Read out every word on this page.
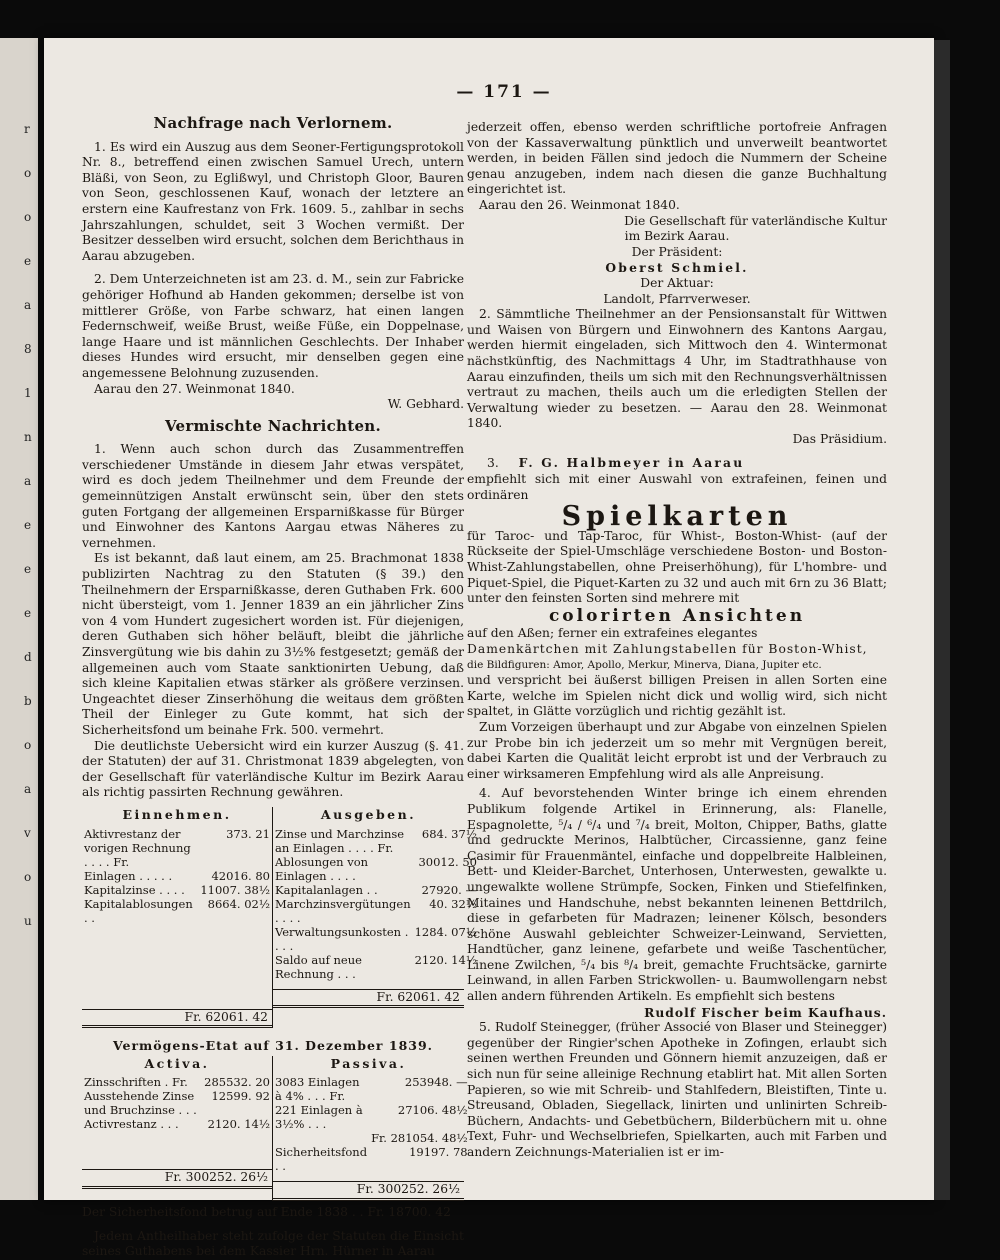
r
o
o
e
a
8
1
n
a
e
e
e
d
b
o
a
v
o
u
— 171 —
Nachfrage nach Verlornem.

1. Es wird ein Auszug aus dem Seoner-Fertigungsprotokoll Nr. 8., betreffend einen zwischen Samuel Urech, untern Bläßi, von Seon, zu Eglißwyl, und Christoph Gloor, Bauren von Seon, geschlossenen Kauf, wonach der letztere an erstern eine Kaufrestanz von Frk. 1609. 5., zahlbar in sechs Jahrszahlungen, schuldet, seit 3 Wochen vermißt. Der Besitzer desselben wird ersucht, solchen dem Berichthaus in Aarau abzugeben.

2. Dem Unterzeichneten ist am 23. d. M., sein zur Fabricke gehöriger Hofhund ab Handen gekommen; derselbe ist von mittlerer Größe, von Farbe schwarz, hat einen langen Federnschweif, weiße Brust, weiße Füße, ein Doppelnase, lange Haare und ist männlichen Geschlechts. Der Inhaber dieses Hundes wird ersucht, mir denselben gegen eine angemessene Belohnung zuzusenden.

Aarau den 27. Weinmonat 1840.

W. Gebhard.

Vermischte Nachrichten.

1. Wenn auch schon durch das Zusammentreffen verschiedener Umstände in diesem Jahr etwas verspätet, wird es doch jedem Theilnehmer und dem Freunde der gemeinnützigen Anstalt erwünscht sein, über den stets guten Fortgang der allgemeinen Ersparnißkasse für Bürger und Einwohner des Kantons Aargau etwas Näheres zu vernehmen.

Es ist bekannt, daß laut einem, am 25. Brachmonat 1838 publizirten Nachtrag zu den Statuten (§ 39.) den Theilnehmern der Ersparnißkasse, deren Guthaben Frk. 600 nicht übersteigt, vom 1. Jenner 1839 an ein jährlicher Zins von 4 vom Hundert zugesichert worden ist. Für diejenigen, deren Guthaben sich höher beläuft, bleibt die jährliche Zinsvergütung wie bis dahin zu 3½% festgesetzt; gemäß der allgemeinen auch vom Staate sanktionirten Uebung, daß sich kleine Kapitalien etwas stärker als größere verzinsen. Ungeachtet dieser Zinserhöhung die weitaus dem größten Theil der Einleger zu Gute kommt, hat sich der Sicherheitsfond um beinahe Frk. 500. vermehrt.

Die deutlichste Uebersicht wird ein kurzer Auszug (§. 41. der Statuten) der auf 31. Christmonat 1839 abgelegten, von der Gesellschaft für vaterländische Kultur im Bezirk Aarau als richtig passirten Rechnung gewähren.

Einnehmen.
Aktivrestanz der vorigen Rechnung . . . . Fr.	373. 21
Einlagen . . . . .	42016. 80
Kapitalzinse . . . .	11007. 38½
Kapitalablosungen . .	8664. 02½
Fr. 62061. 42
Ausgeben.
Zinse und Marchzinse an Einlagen . . . . Fr.	684. 37½
Ablosungen von Einlagen . . . .	30012. 50
Kapitalanlagen . .	27920. —
Marchzinsvergütungen . . . .	40. 32½
Verwaltungsunkosten . . . .	1284. 07½
Saldo auf neue Rechnung . . .	2120. 14½
Fr. 62061. 42
Vermögens-Etat auf 31. Dezember 1839.
Activa.
Zinsschriften . Fr.	285532. 20
Ausstehende Zinse und Bruchzinse . . .	12599. 92
Activrestanz . . .	2120. 14½
Fr. 300252. 26½
Passiva.
3083 Einlagen à 4% . . . Fr.	253948. —
221 Einlagen à 3½% . . .	27106. 48½
	Fr. 281054. 48½
Sicherheitsfond . .	19197. 78
Fr. 300252. 26½

Der Sicherheitsfond betrug auf Ende 1838 . . Fr. 18700. 42

Jedem Antheilhaber steht zufolge der Statuten die Einsicht seines Guthabens bei dem Kassier Hrn. Hürner in Aarau

jederzeit offen, ebenso werden schriftliche portofreie Anfragen von der Kassaverwaltung pünktlich und unverweilt beantwortet werden, in beiden Fällen sind jedoch die Nummern der Scheine genau anzugeben, indem nach diesen die ganze Buchhaltung eingerichtet ist.

Aarau den 26. Weinmonat 1840.

Die Gesellschaft für vaterländische Kultur

im Bezirk Aarau.

Der Präsident:

Oberst Schmiel.

Der Aktuar:

Landolt, Pfarrverweser.

2. Sämmtliche Theilnehmer an der Pensionsanstalt für Wittwen und Waisen von Bürgern und Einwohnern des Kantons Aargau, werden hiermit eingeladen, sich Mittwoch den 4. Wintermonat nächstkünftig, des Nachmittags 4 Uhr, im Stadtrathhause von Aarau einzufinden, theils um sich mit den Rechnungsverhältnissen vertraut zu machen, theils auch um die erledigten Stellen der Verwaltung wieder zu besetzen. — Aarau den 28. Weinmonat 1840.

Das Präsidium.

3. F. G. Halbmeyer in Aarau

empfiehlt sich mit einer Auswahl von extrafeinen, feinen und ordinären

Spielkarten

für Taroc- und Tap-Taroc, für Whist-, Boston-Whist- (auf der Rückseite der Spiel-Umschläge verschiedene Boston- und Boston-Whist-Zahlungstabellen, ohne Preiserhöhung), für L'hombre- und Piquet-Spiel, die Piquet-Karten zu 32 und auch mit 6rn zu 36 Blatt; unter den feinsten Sorten sind mehrere mit

colorirten Ansichten

auf den Aßen; ferner ein extrafeines elegantes

Damenkärtchen mit Zahlungstabellen für Boston-Whist,

die Bildfiguren: Amor, Apollo, Merkur, Minerva, Diana, Jupiter etc.

und verspricht bei äußerst billigen Preisen in allen Sorten eine Karte, welche im Spielen nicht dick und wollig wird, sich nicht spaltet, in Glätte vorzüglich und richtig gezählt ist.

Zum Vorzeigen überhaupt und zur Abgabe von einzelnen Spielen zur Probe bin ich jederzeit um so mehr mit Vergnügen bereit, dabei Karten die Qualität leicht erprobt ist und der Verbrauch zu einer wirksameren Empfehlung wird als alle Anpreisung.

4. Auf bevorstehenden Winter bringe ich einem ehrenden Publikum folgende Artikel in Erinnerung, als: Flanelle, Espagnolette, ⁵/₄ / ⁶/₄ und ⁷/₄ breit, Molton, Chipper, Baths, glatte und gedruckte Merinos, Halbtücher, Circassienne, ganz feine Casimir für Frauenmäntel, einfache und doppelbreite Halbleinen, Bett- und Kleider-Barchet, Unterhosen, Unterwesten, gewalkte u. ungewalkte wollene Strümpfe, Socken, Finken und Stiefelfinken, Mitaines und Handschuhe, nebst bekannten leinenen Bettdrilch, diese in gefarbeten für Madrazen; leinener Kölsch, besonders schöne Auswahl gebleichter Schweizer-Leinwand, Servietten, Handtücher, ganz leinene, gefarbete und weiße Taschentücher, Linene Zwilchen, ⁵/₄ bis ⁸/₄ breit, gemachte Fruchtsäcke, garnirte Leinwand, in allen Farben Strickwollen- u. Baumwollengarn nebst allen andern führenden Artikeln. Es empfiehlt sich bestens

Rudolf Fischer beim Kaufhaus.

5. Rudolf Steinegger, (früher Associé von Blaser und Steinegger) gegenüber der Ringier'schen Apotheke in Zofingen, erlaubt sich seinen werthen Freunden und Gönnern hiemit anzuzeigen, daß er sich nun für seine alleinige Rechnung etablirt hat. Mit allen Sorten Papieren, so wie mit Schreib- und Stahlfedern, Bleistiften, Tinte u. Streusand, Obladen, Siegellack, linirten und unlinirten Schreib-Büchern, Andachts- und Gebetbüchern, Bilderbüchern mit u. ohne Text, Fuhr- und Wechselbriefen, Spielkarten, auch mit Farben und andern Zeichnungs-Materialien ist er im-
